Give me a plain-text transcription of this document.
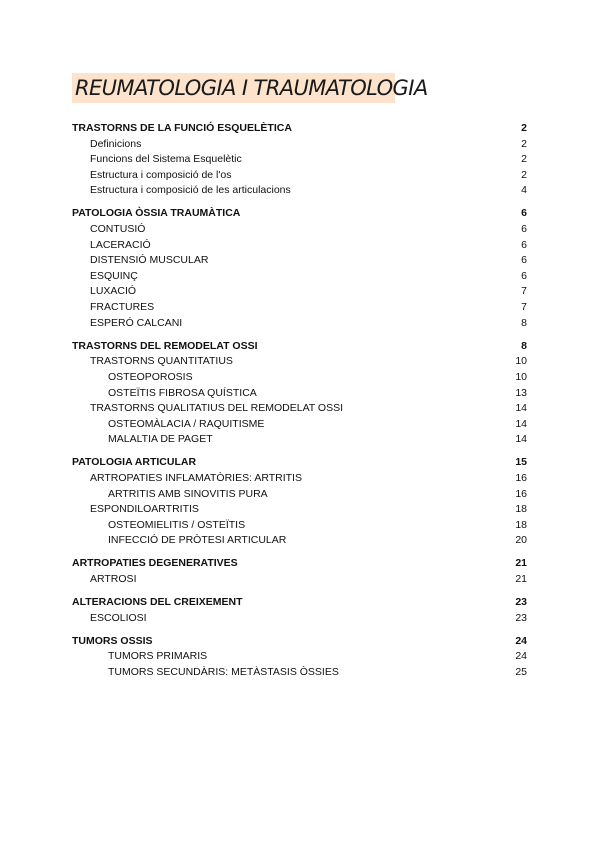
REUMATOLOGIA I TRAUMATOLOGIA
TRASTORNS DE LA FUNCIÓ ESQUELÈTICA	2
Definicions	2
Funcions del Sistema Esquelètic	2
Estructura i composició de l'os	2
Estructura i composició de les articulacions	4
PATOLOGIA ÒSSIA TRAUMÀTICA	6
CONTUSIÓ	6
LACERACIÓ	6
DISTENSIÓ MUSCULAR	6
ESQUINÇ	6
LUXACIÓ	7
FRACTURES	7
ESPERÓ CALCANI	8
TRASTORNS DEL REMODELAT OSSI	8
TRASTORNS QUANTITATIUS	10
OSTEOPOROSIS	10
OSTEÏTIS FIBROSA QUÍSTICA	13
TRASTORNS QUALITATIUS DEL REMODELAT OSSI	14
OSTEOMÀLACIA / RAQUITISME	14
MALALTIA DE PAGET	14
PATOLOGIA ARTICULAR	15
ARTROPATIES INFLAMATÒRIES: ARTRITIS	16
ARTRITIS AMB SINOVITIS PURA	16
ESPONDILOARTRITIS	18
OSTEOMIELITIS / OSTEÏTIS	18
INFECCIÓ DE PRÒTESI ARTICULAR	20
ARTROPATIES DEGENERATIVES	21
ARTROSI	21
ALTERACIONS DEL CREIXEMENT	23
ESCOLIOSI	23
TUMORS OSSIS	24
TUMORS PRIMARIS	24
TUMORS SECUNDÀRIS: METÀSTASIS ÒSSIES	25
